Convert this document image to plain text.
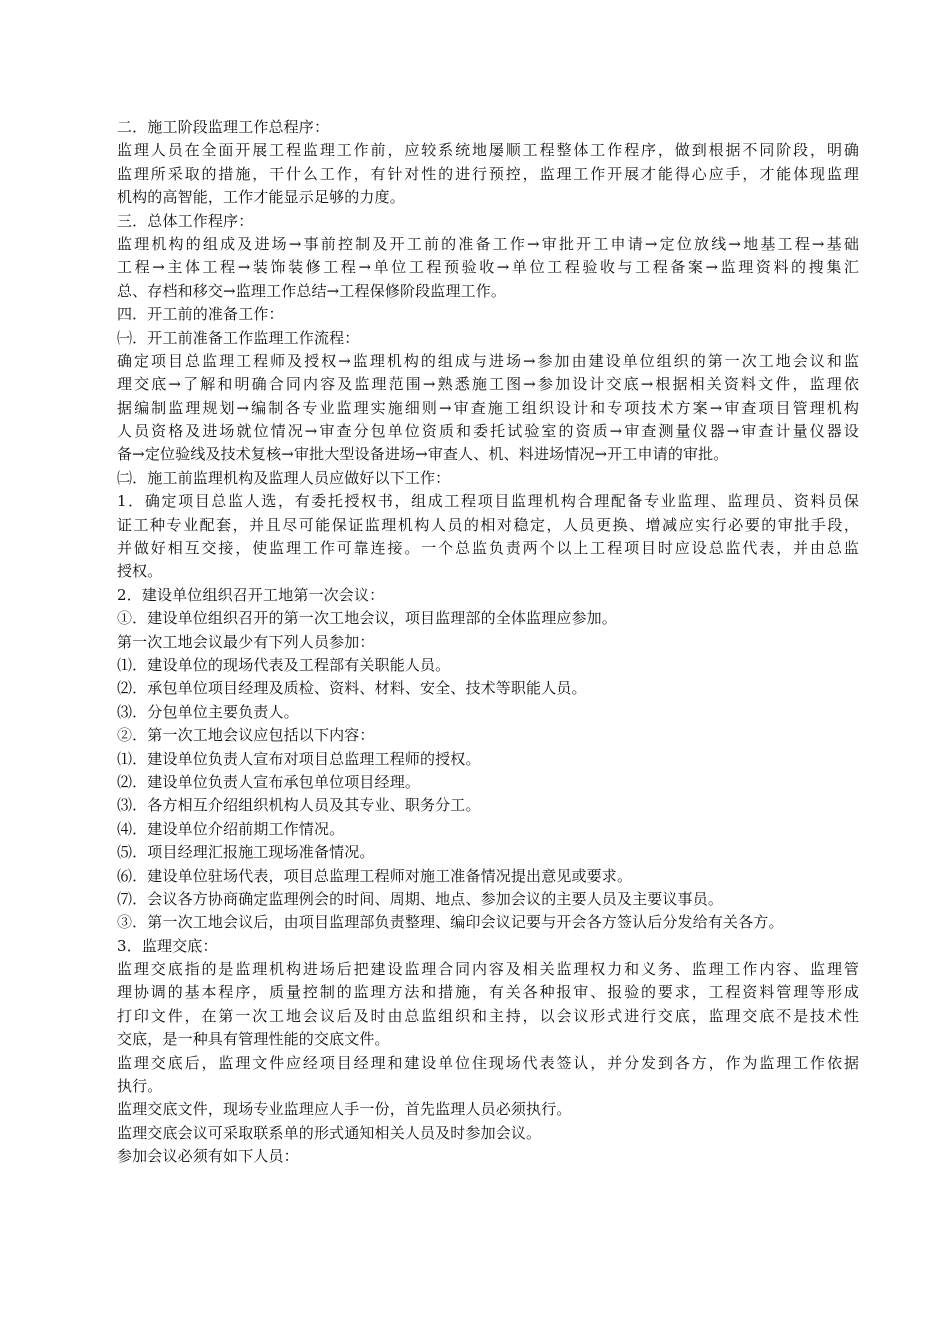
二．施工阶段监理工作总程序：
监理人员在全面开展工程监理工作前，应较系统地屡顺工程整体工作程序，做到根据不同阶段，明确
监理所采取的措施，干什么工作，有针对性的进行预控，监理工作开展才能得心应手，才能体现监理
机构的高智能，工作才能显示足够的力度。
三．总体工作程序：
监理机构的组成及进场→事前控制及开工前的准备工作→审批开工申请→定位放线→地基工程→基础
工程→主体工程→装饰装修工程→单位工程预验收→单位工程验收与工程备案→监理资料的搜集汇
总、存档和移交→监理工作总结→工程保修阶段监理工作。
四．开工前的准备工作：
㈠．开工前准备工作监理工作流程：
确定项目总监理工程师及授权→监理机构的组成与进场→参加由建设单位组织的第一次工地会议和监
理交底→了解和明确合同内容及监理范围→熟悉施工图→参加设计交底→根据相关资料文件，监理依
据编制监理规划→编制各专业监理实施细则→审查施工组织设计和专项技术方案→审查项目管理机构
人员资格及进场就位情况→审查分包单位资质和委托试验室的资质→审查测量仪器→审查计量仪器设
备→定位验线及技术复核→审批大型设备进场→审查人、机、料进场情况→开工申请的审批。
㈡．施工前监理机构及监理人员应做好以下工作：
1．确定项目总监人选，有委托授权书，组成工程项目监理机构合理配备专业监理、监理员、资料员保
证工种专业配套，并且尽可能保证监理机构人员的相对稳定，人员更换、增减应实行必要的审批手段，
并做好相互交接，使监理工作可靠连接。一个总监负责两个以上工程项目时应设总监代表，并由总监
授权。
2．建设单位组织召开工地第一次会议：
①．建设单位组织召开的第一次工地会议，项目监理部的全体监理应参加。
第一次工地会议最少有下列人员参加：
⑴．建设单位的现场代表及工程部有关职能人员。
⑵．承包单位项目经理及质检、资料、材料、安全、技术等职能人员。
⑶．分包单位主要负责人。
②．第一次工地会议应包括以下内容：
⑴．建设单位负责人宣布对项目总监理工程师的授权。
⑵．建设单位负责人宣布承包单位项目经理。
⑶．各方相互介绍组织机构人员及其专业、职务分工。
⑷．建设单位介绍前期工作情况。
⑸．项目经理汇报施工现场准备情况。
⑹．建设单位驻场代表，项目总监理工程师对施工准备情况提出意见或要求。
⑺．会议各方协商确定监理例会的时间、周期、地点、参加会议的主要人员及主要议事员。
③．第一次工地会议后，由项目监理部负责整理、编印会议记要与开会各方签认后分发给有关各方。
3．监理交底：
监理交底指的是监理机构进场后把建设监理合同内容及相关监理权力和义务、监理工作内容、监理管
理协调的基本程序，质量控制的监理方法和措施，有关各种报审、报验的要求，工程资料管理等形成
打印文件，在第一次工地会议后及时由总监组织和主持，以会议形式进行交底，监理交底不是技术性
交底，是一种具有管理性能的交底文件。
监理交底后，监理文件应经项目经理和建设单位住现场代表签认，并分发到各方，作为监理工作依据
执行。
监理交底文件，现场专业监理应人手一份，首先监理人员必须执行。
监理交底会议可采取联系单的形式通知相关人员及时参加会议。
参加会议必须有如下人员：
